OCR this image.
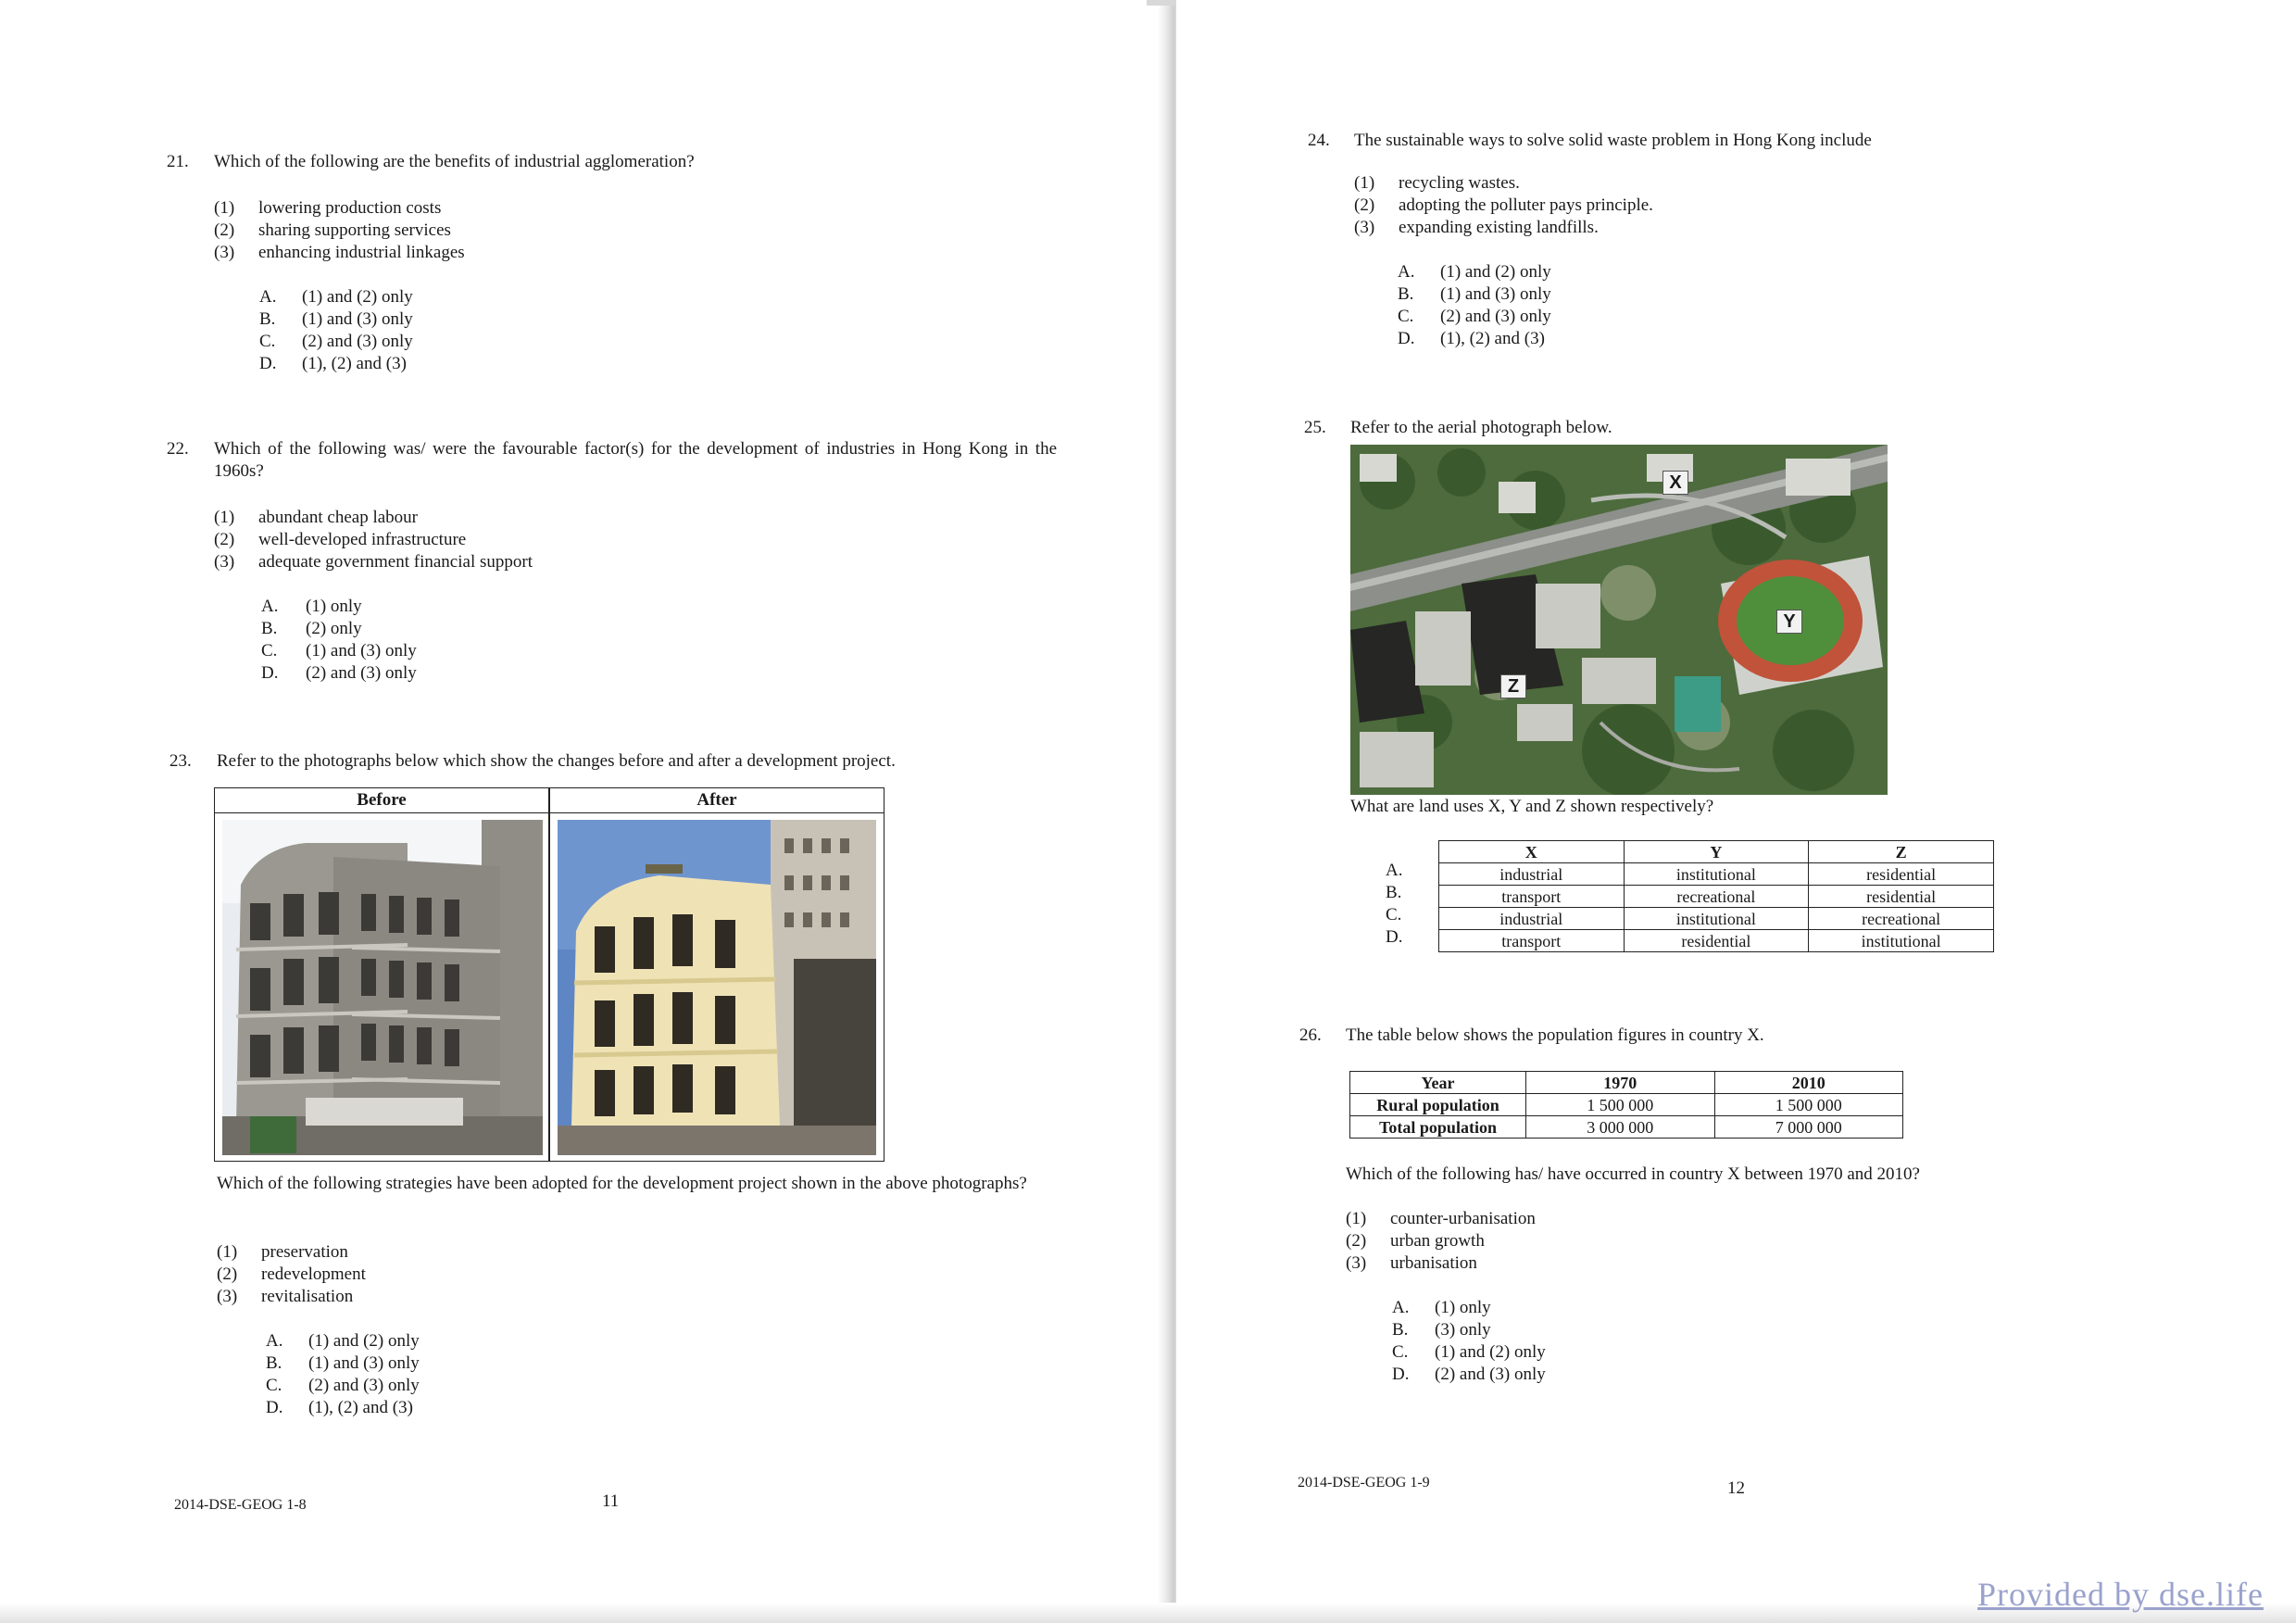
21. Which of the following are the benefits of industrial agglomeration?
(1) lowering production costs
(2) sharing supporting services
(3) enhancing industrial linkages
A. (1) and (2) only
B. (1) and (3) only
C. (2) and (3) only
D. (1), (2) and (3)
22. Which of the following was/ were the favourable factor(s) for the development of industries in Hong Kong in the 1960s?
(1) abundant cheap labour
(2) well-developed infrastructure
(3) adequate government financial support
A. (1) only
B. (2) only
C. (1) and (3) only
D. (2) and (3) only
23. Refer to the photographs below which show the changes before and after a development project.
Before	After
Which of the following strategies have been adopted for the development project shown in the above photographs?
(1) preservation
(2) redevelopment
(3) revitalisation
A. (1) and (2) only
B. (1) and (3) only
C. (2) and (3) only
D. (1), (2) and (3)
2014-DSE-GEOG 1-8	11
24. The sustainable ways to solve solid waste problem in Hong Kong include
(1) recycling wastes.
(2) adopting the polluter pays principle.
(3) expanding existing landfills.
A. (1) and (2) only
B. (1) and (3) only
C. (2) and (3) only
D. (1), (2) and (3)
25. Refer to the aerial photograph below.
X
Y
Z
What are land uses X, Y and Z shown respectively?
A.
B.
C.
D.
X	Y	Z
industrial	institutional	residential
transport	recreational	residential
industrial	institutional	recreational
transport	residential	institutional
26. The table below shows the population figures in country X.
Year	1970	2010
Rural population	1 500 000	1 500 000
Total population	3 000 000	7 000 000
Which of the following has/ have occurred in country X between 1970 and 2010?
(1) counter-urbanisation
(2) urban growth
(3) urbanisation
A. (1) only
B. (3) only
C. (1) and (2) only
D. (2) and (3) only
2014-DSE-GEOG 1-9	12
Provided by dse.life
